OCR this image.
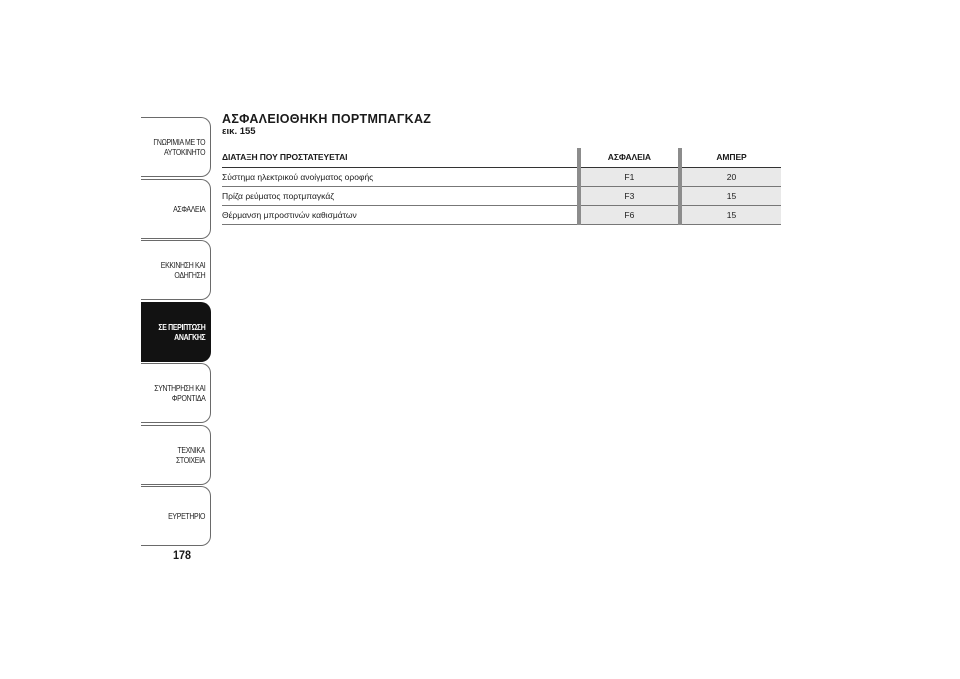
ΓΝΩΡΙΜΙΑ ΜΕ ΤΟ
ΑΥΤΟΚΙΝΗΤΟ
ΑΣΦΑΛΕΙΑ
ΕΚΚΙΝΗΣΗ ΚΑΙ
ΟΔΗΓΗΣΗ
ΣΕ ΠΕΡΙΠΤΩΣΗ
ΑΝΑΓΚΗΣ
ΣΥΝΤΗΡΗΣΗ ΚΑΙ
ΦΡΟΝΤΙΔΑ
ΤΕΧΝΙΚΑ ΣΤΟΙΧΕΙΑ
ΕΥΡΕΤΗΡΙΟ
178
ΑΣΦΑΛΕΙΟΘΗΚΗ ΠΟΡΤΜΠΑΓΚΑΖ
εικ. 155
ΔΙΑΤΑΞΗ ΠΟΥ ΠΡΟΣΤΑΤΕΥΕΤΑΙ	ΑΣΦΑΛΕΙΑ	ΑΜΠΕΡ
Σύστημα ηλεκτρικού ανοίγματος οροφής	F1	20
Πρίζα ρεύματος πορτμπαγκάζ	F3	15
Θέρμανση μπροστινών καθισμάτων	F6	15
